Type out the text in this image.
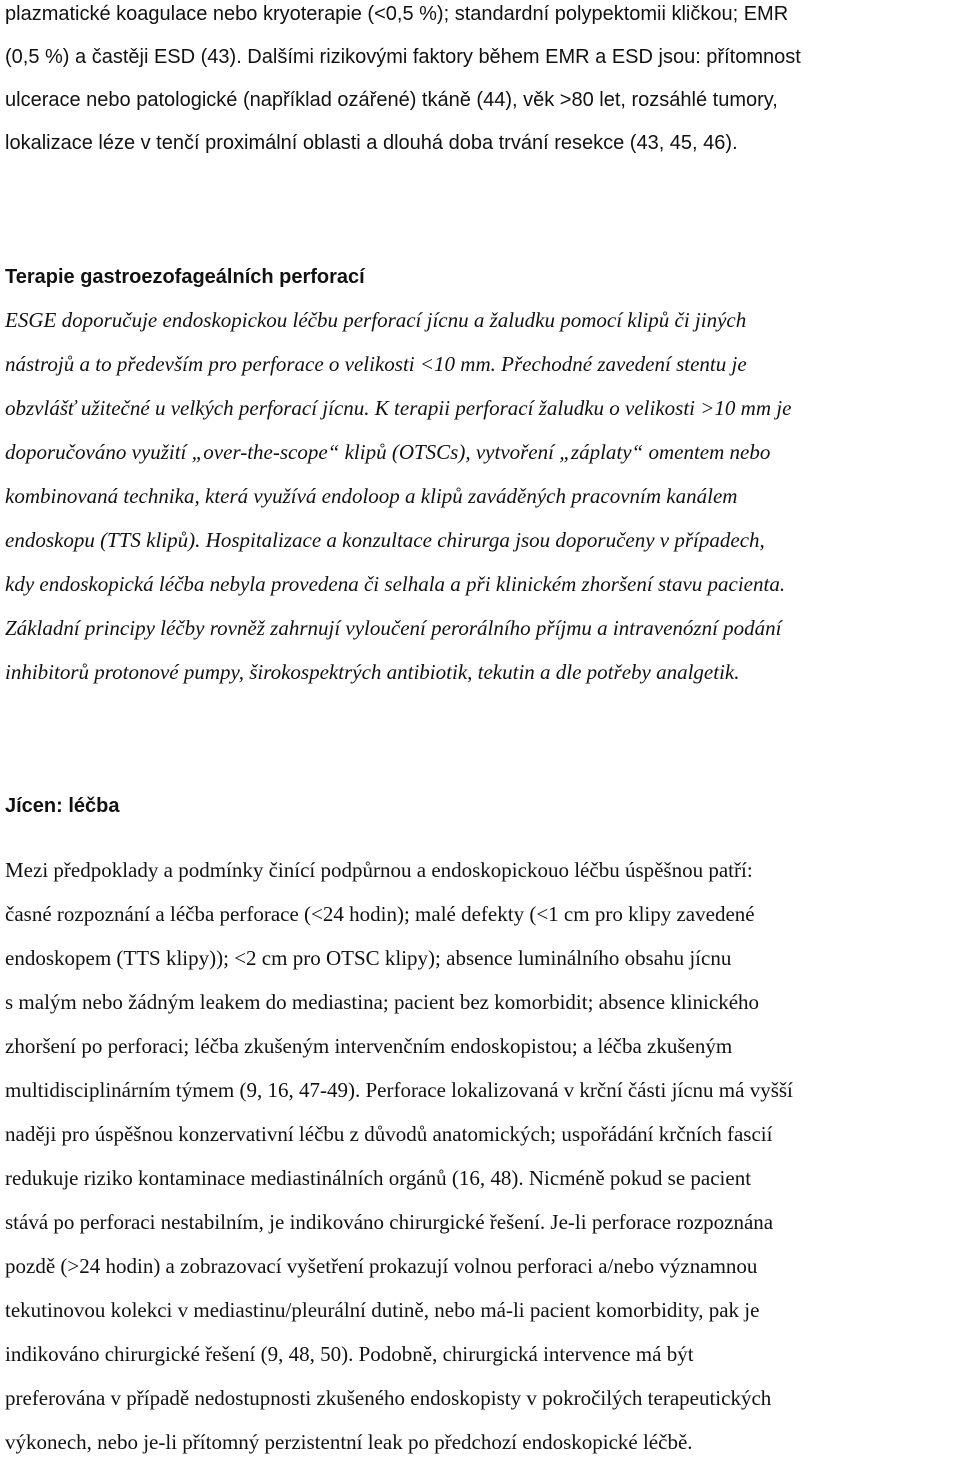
plazmatické koagulace nebo kryoterapie (<0,5 %); standardní polypektomii kličkou; EMR
(0,5 %) a častěji ESD (43). Dalšími rizikovými faktory během EMR a ESD jsou: přítomnost
ulcerace nebo patologické (například ozářené) tkáně (44), věk >80 let, rozsáhlé tumory,
lokalizace léze v tenčí proximální oblasti a dlouhá doba trvání resekce (43, 45, 46).
Terapie gastroezofageálních perforací
ESGE doporučuje endoskopickou léčbu perforací jícnu a žaludku pomocí klipů či jiných
nástrojů a to především pro perforace o velikosti <10 mm. Přechodné zavedení stentu je
obzvlášť užitečné u velkých perforací jícnu. K terapii perforací žaludku o velikosti >10 mm je
doporučováno využití „over-the-scope“ klipů (OTSCs), vytvoření „záplaty“ omentem nebo
kombinovaná technika, která využívá endoloop a klipů zaváděných pracovním kanálem
endoskopu (TTS klipů). Hospitalizace a konzultace chirurga jsou doporučeny v případech,
kdy endoskopická léčba nebyla provedena či selhala a při klinickém zhoršení stavu pacienta.
Základní principy léčby rovněž zahrnují vyloučení perorálního příjmu a intravenózní podání
inhibitorů protonové pumpy, širokospektrých antibiotik, tekutin a dle potřeby analgetik.
Jícen: léčba
Mezi předpoklady a podmínky činící podpůrnou a endoskopickouo léčbu úspěšnou patří:
časné rozpoznání a léčba perforace (<24 hodin); malé defekty (<1 cm pro klipy zavedené
endoskopem (TTS klipy)); <2 cm pro OTSC klipy); absence luminálního obsahu jícnu
s malým nebo žádným leakem do mediastina; pacient bez komorbidit; absence klinického
zhoršení po perforaci; léčba zkušeným intervenčním endoskopistou; a léčba zkušeným
multidisciplinárním týmem (9, 16, 47-49). Perforace lokalizovaná v krční části jícnu má vyšší
naději pro úspěšnou konzervativní léčbu z důvodů anatomických; uspořádání krčních fascií
redukuje riziko kontaminace mediastinálních orgánů (16, 48). Nicméně pokud se pacient
stává po perforaci nestabilním, je indikováno chirurgické řešení. Je-li perforace rozpoznána
pozdě (>24 hodin) a zobrazovací vyšetření prokazují volnou perforaci a/nebo významnou
tekutinovou kolekci v mediastinu/pleurální dutině, nebo má-li pacient komorbidity, pak je
indikováno chirurgické řešení (9, 48, 50). Podobně, chirurgická intervence má být
preferována v případě nedostupnosti zkušeného endoskopisty v pokročilých terapeutických
výkonech, nebo je-li přítomný perzistentní leak po předchozí endoskopické léčbě.
